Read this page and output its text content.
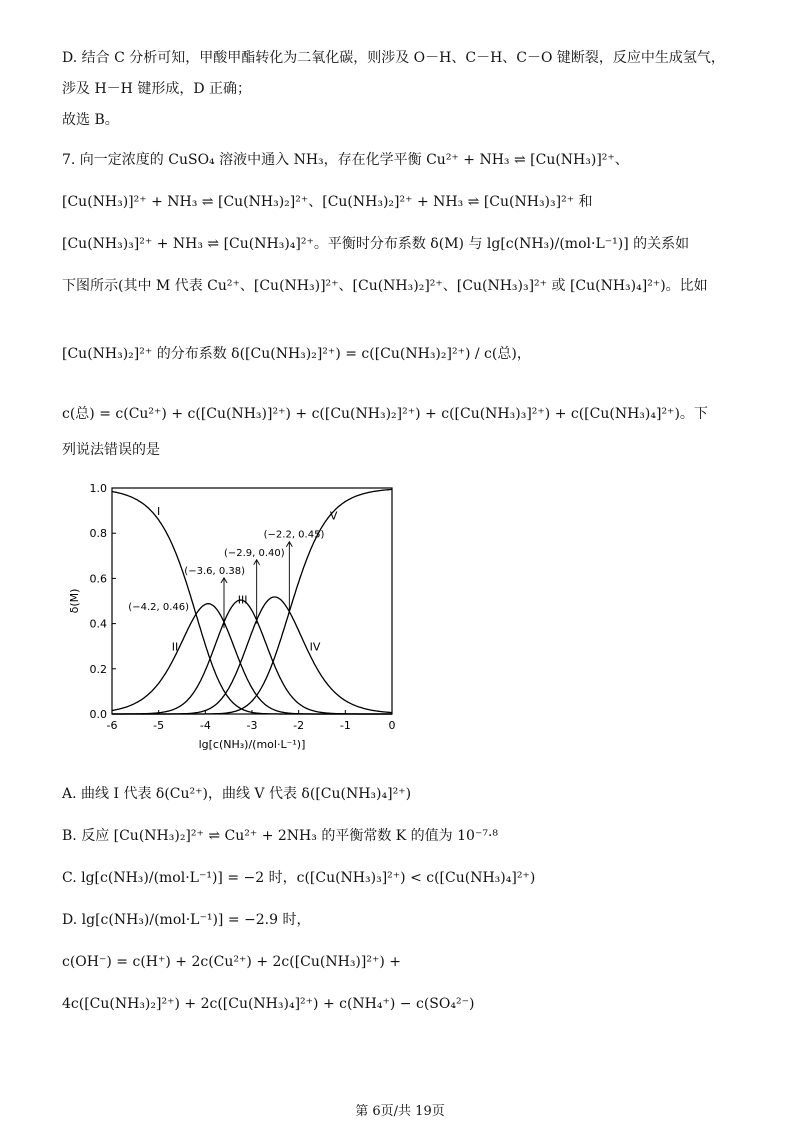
D. 结合 C 分析可知，甲酸甲酯转化为二氧化碳，则涉及 O－H、C－H、C－O 键断裂，反应中生成氢气，
涉及 H－H 键形成，D 正确；
故选 B。
7. 向一定浓度的 CuSO₄ 溶液中通入 NH₃，存在化学平衡 Cu²⁺ + NH₃ ⇌ [Cu(NH₃)]²⁺、
[Cu(NH₃)]²⁺ + NH₃ ⇌ [Cu(NH₃)₂]²⁺、[Cu(NH₃)₂]²⁺ + NH₃ ⇌ [Cu(NH₃)₃]²⁺ 和
[Cu(NH₃)₃]²⁺ + NH₃ ⇌ [Cu(NH₃)₄]²⁺。平衡时分布系数 δ(M) 与 lg[c(NH₃)/(mol·L⁻¹)] 的关系如
下图所示(其中 M 代表 Cu²⁺、[Cu(NH₃)]²⁺、[Cu(NH₃)₂]²⁺、[Cu(NH₃)₃]²⁺ 或 [Cu(NH₃)₄]²⁺)。比如
[Cu(NH₃)₂]²⁺ 的分布系数 δ([Cu(NH₃)₂]²⁺) = c([Cu(NH₃)₂]²⁺) / c(总)，
c(总) = c(Cu²⁺) + c([Cu(NH₃)]²⁺) + c([Cu(NH₃)₂]²⁺) + c([Cu(NH₃)₃]²⁺) + c([Cu(NH₃)₄]²⁺)。下
列说法错误的是
-6	-5	-4	-3	-2	-1	0
0.0
0.2
0.4
0.6
0.8
1.0
lg[c(NH₃)/(mol·L⁻¹)]
δ(M)
I
II
III
IV
V
(−4.2, 0.46)
(−3.6, 0.38)
(−2.9, 0.40)
(−2.2, 0.45)
A. 曲线 I 代表 δ(Cu²⁺)，曲线 V 代表 δ([Cu(NH₃)₄]²⁺)
B. 反应 [Cu(NH₃)₂]²⁺ ⇌ Cu²⁺ + 2NH₃ 的平衡常数 K 的值为 10⁻⁷·⁸
C. lg[c(NH₃)/(mol·L⁻¹)] = −2 时，c([Cu(NH₃)₃]²⁺) < c([Cu(NH₃)₄]²⁺)
D. lg[c(NH₃)/(mol·L⁻¹)] = −2.9 时，
c(OH⁻) = c(H⁺) + 2c(Cu²⁺) + 2c([Cu(NH₃)]²⁺) +
4c([Cu(NH₃)₂]²⁺) + 2c([Cu(NH₃)₄]²⁺) + c(NH₄⁺) − c(SO₄²⁻)
第 6页/共 19页
